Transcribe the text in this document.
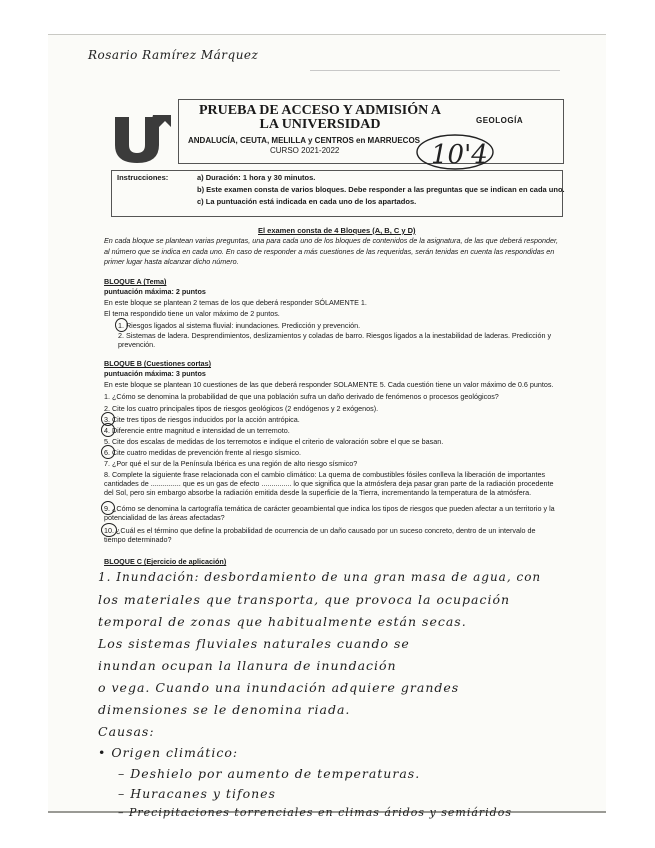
Rosario Ramírez Márquez
PRUEBA DE ACCESO Y ADMISIÓN A LA UNIVERSIDAD
ANDALUCÍA, CEUTA, MELILLA y CENTROS en MARRUECOS
CURSO 2021-2022
GEOLOGÍA
10'4
Instrucciones:	a) Duración: 1 hora y 30 minutos.
b) Este examen consta de varios bloques. Debe responder a las preguntas que se indican en cada uno.
c) La puntuación está indicada en cada uno de los apartados.
El examen consta de 4 Bloques (A, B, C y D)
En cada bloque se plantean varias preguntas, una para cada uno de los bloques de contenidos de la asignatura, de las que deberá responder, al número que se indica en cada uno. En caso de responder a más cuestiones de las requeridas, serán tenidas en cuenta las respondidas en primer lugar hasta alcanzar dicho número.
BLOQUE A (Tema)
puntuación máxima: 2 puntos
En este bloque se plantean 2 temas de los que deberá responder SÓLAMENTE 1.
El tema respondido tiene un valor máximo de 2 puntos.
1. Riesgos ligados al sistema fluvial: inundaciones. Predicción y prevención.
2. Sistemas de ladera. Desprendimientos, deslizamientos y coladas de barro. Riesgos ligados a la inestabilidad de laderas. Predicción y prevención.
BLOQUE B (Cuestiones cortas)
puntuación máxima: 3 puntos
En este bloque se plantean 10 cuestiones de las que deberá responder SOLAMENTE 5. Cada cuestión tiene un valor máximo de 0.6 puntos.
1. ¿Cómo se denomina la probabilidad de que una población sufra un daño derivado de fenómenos o procesos geológicos?
2. Cite los cuatro principales tipos de riesgos geológicos (2 endógenos y 2 exógenos).
3. Cite tres tipos de riesgos inducidos por la acción antrópica.
4. Diferencie entre magnitud e intensidad de un terremoto.
5. Cite dos escalas de medidas de los terremotos e indique el criterio de valoración sobre el que se basan.
6. Cite cuatro medidas de prevención frente al riesgo sísmico.
7. ¿Por qué el sur de la Península Ibérica es una región de alto riesgo sísmico?
8. Complete la siguiente frase relacionada con el cambio climático: La quema de combustibles fósiles conlleva la liberación de importantes cantidades de ............... que es un gas de efecto ............... lo que significa que la atmósfera deja pasar gran parte de la radiación procedente del Sol, pero sin embargo absorbe la radiación emitida desde la superficie de la Tierra, incrementando la temperatura de la atmósfera.
9. ¿Cómo se denomina la cartografía temática de carácter geoambiental que indica los tipos de riesgos que pueden afectar a un territorio y la potencialidad de las áreas afectadas?
10. ¿Cuál es el término que define la probabilidad de ocurrencia de un daño causado por un suceso concreto, dentro de un intervalo de tiempo determinado?
BLOQUE C (Ejercicio de aplicación)
1. Inundación: desbordamiento de una gran masa de agua, con
los materiales que transporta, que provoca la ocupación
temporal de zonas que habitualmente están secas.
Los sistemas fluviales naturales cuando se
inundan ocupan la llanura de inundación
o vega. Cuando una inundación adquiere grandes
dimensiones se le denomina riada.
Causas:
• Origen climático:
– Deshielo por aumento de temperaturas.
– Huracanes y tifones
– Precipitaciones torrenciales en climas áridos y semiáridos
